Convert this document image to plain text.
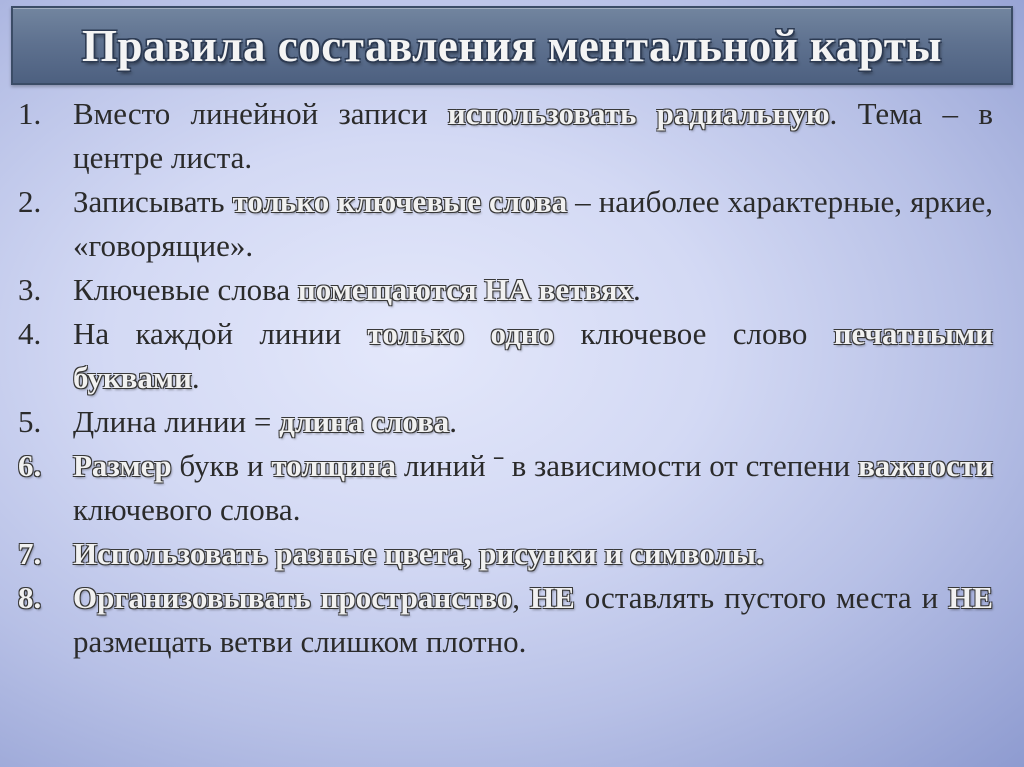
Правила составления ментальной карты
1.	Вместо линейной записи использовать радиальную. Тема – в центре листа.
2.	Записывать только ключевые слова – наиболее характерные, яркие, «говорящие».
3.	Ключевые слова помещаются НА ветвях.
4.	На каждой линии только одно ключевое слово печатными буквами.
5.	Длина линии = длина слова.
6.	Размер букв и толщина линий ˉ в зависимости от степени важности ключевого слова.
7.	Использовать разные цвета, рисунки и символы.
8.	Организовывать пространство, НЕ оставлять пустого места и НЕ размещать ветви слишком плотно.
